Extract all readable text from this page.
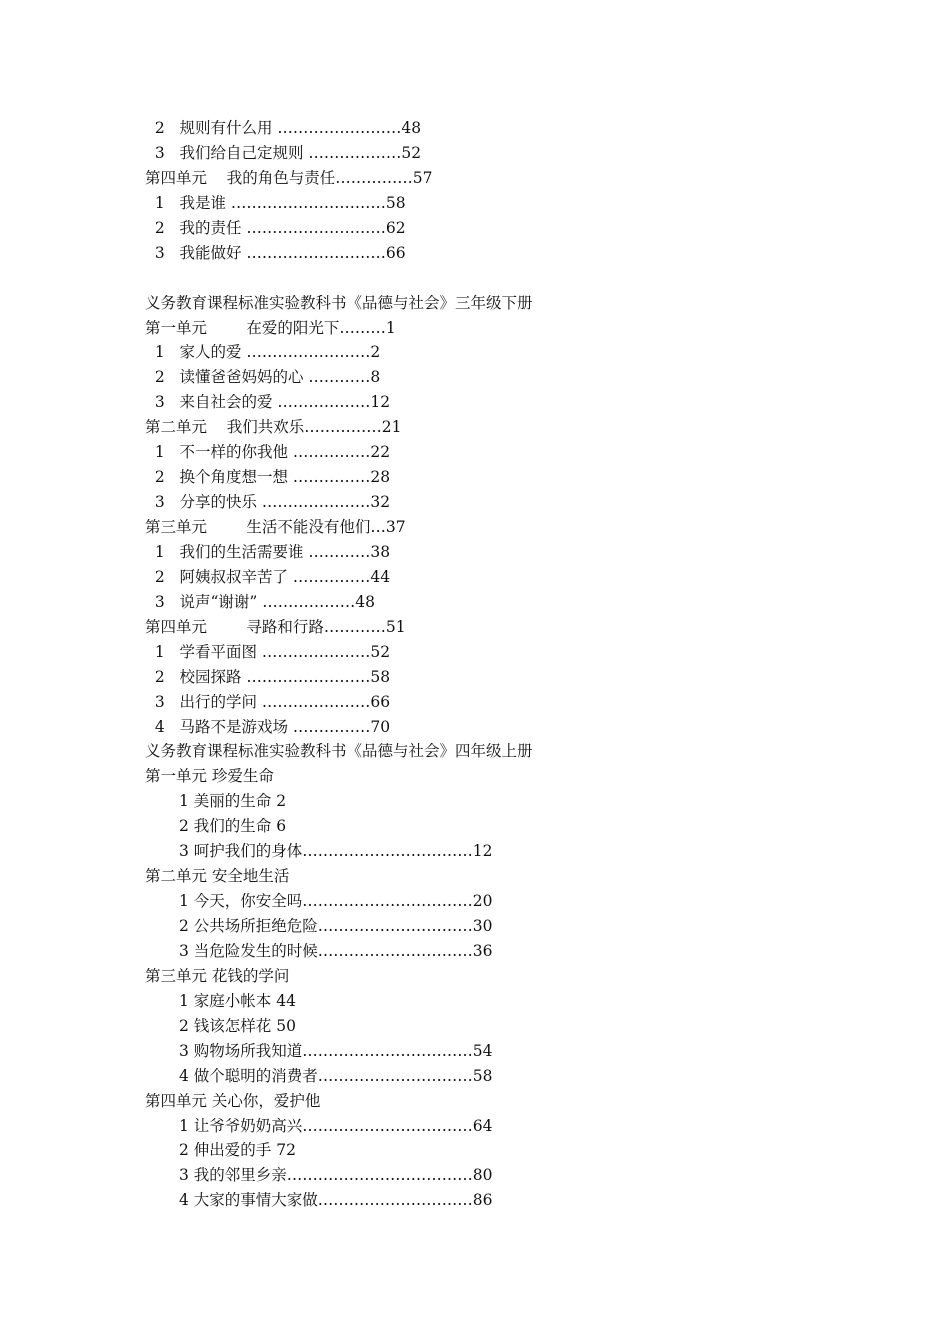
2   规则有什么用 ……………………48
3   我们给自己定规则 ………………52
第四单元    我的角色与责任……………57
1   我是谁 …………………………58
2   我的责任 ………………………62
3   我能做好 ………………………66
义务教育课程标准实验教科书《品德与社会》三年级下册
第一单元        在爱的阳光下………1
1   家人的爱 ……………………2
2   读懂爸爸妈妈的心 …………8
3   来自社会的爱 ………………12
第二单元    我们共欢乐……………21
1   不一样的你我他 ……………22
2   换个角度想一想 ……………28
3   分享的快乐 …………………32
第三单元        生活不能没有他们…37
1   我们的生活需要谁 …………38
2   阿姨叔叔辛苦了 ……………44
3   说声“谢谢” ………………48
第四单元        寻路和行路…………51
1   学看平面图 …………………52
2   校园探路 ……………………58
3   出行的学问 …………………66
4   马路不是游戏场 ……………70
义务教育课程标准实验教科书《品德与社会》四年级上册
第一单元 珍爱生命
1 美丽的生命 2
2 我们的生命 6
3 呵护我们的身体……………………………12
第二单元 安全地生活
1 今天，你安全吗……………………………20
2 公共场所拒绝危险…………………………30
3 当危险发生的时候…………………………36
第三单元 花钱的学问
1 家庭小帐本 44
2 钱该怎样花 50
3 购物场所我知道……………………………54
4 做个聪明的消费者…………………………58
第四单元 关心你，爱护他
1 让爷爷奶奶高兴……………………………64
2 伸出爱的手 72
3 我的邻里乡亲………………………………80
4 大家的事情大家做…………………………86
